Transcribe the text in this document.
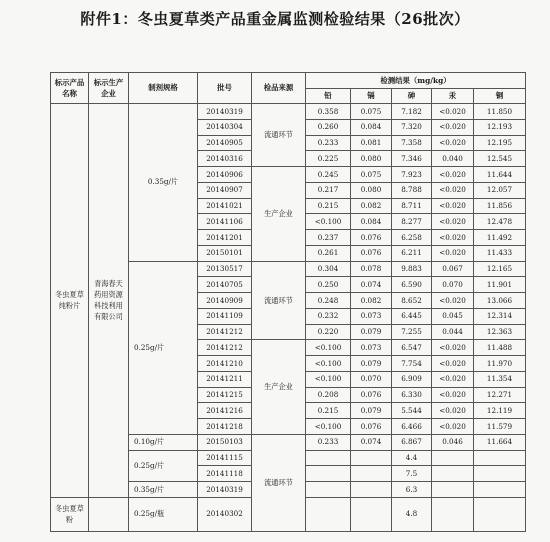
附件1：冬虫夏草类产品重金属监测检验结果（26批次）
标示产品名称	标示生产企业	制剂规格	批号	检品来源	检测结果（mg/kg）				
					铅	镉	砷	汞	铜
冬虫夏草纯粉片	青海春天药用资源科技利用有限公司	0.35g/片	20140319	流通环节	0.358	0.075	7.182	<0.020	11.850
			20140304		0.260	0.084	7.320	<0.020	12.193
			20140905		0.233	0.081	7.358	<0.020	12.195
			20140316		0.225	0.080	7.346	0.040	12.545
			20140906	生产企业	0.245	0.075	7.923	<0.020	11.644
			20140907		0.217	0.080	8.788	<0.020	12.057
			20141021		0.215	0.082	8.711	<0.020	11.856
			20141106		<0.100	0.084	8.277	<0.020	12.478
			20141201		0.237	0.076	6.258	<0.020	11.492
			20150101		0.261	0.076	6.211	<0.020	11.433
		0.25g/片	20130517	流通环节	0.304	0.078	9.883	0.067	12.165
			20140705		0.250	0.074	6.590	0.070	11.901
			20140909		0.248	0.082	8.652	<0.020	13.066
			20141109		0.232	0.073	6.445	0.045	12.314
			20141212		0.220	0.079	7.255	0.044	12.363
			20141212	生产企业	<0.100	0.073	6.547	<0.020	11.488
			20141210		<0.100	0.079	7.754	<0.020	11.970
			20141211		<0.100	0.070	6.909	<0.020	11.354
			20141215		0.208	0.076	6.330	<0.020	12.271
			20141216		0.215	0.079	5.544	<0.020	12.119
			20141218		<0.100	0.076	6.466	<0.020	11.579
		0.10g/片	20150103	流通环节	0.233	0.074	6.867	0.046	11.664
		0.25g/片	20141115				4.4		
			20141118				7.5		
		0.35g/片	20140319				6.3		
冬虫夏草粉		0.25g/瓶	20140302				4.8		
